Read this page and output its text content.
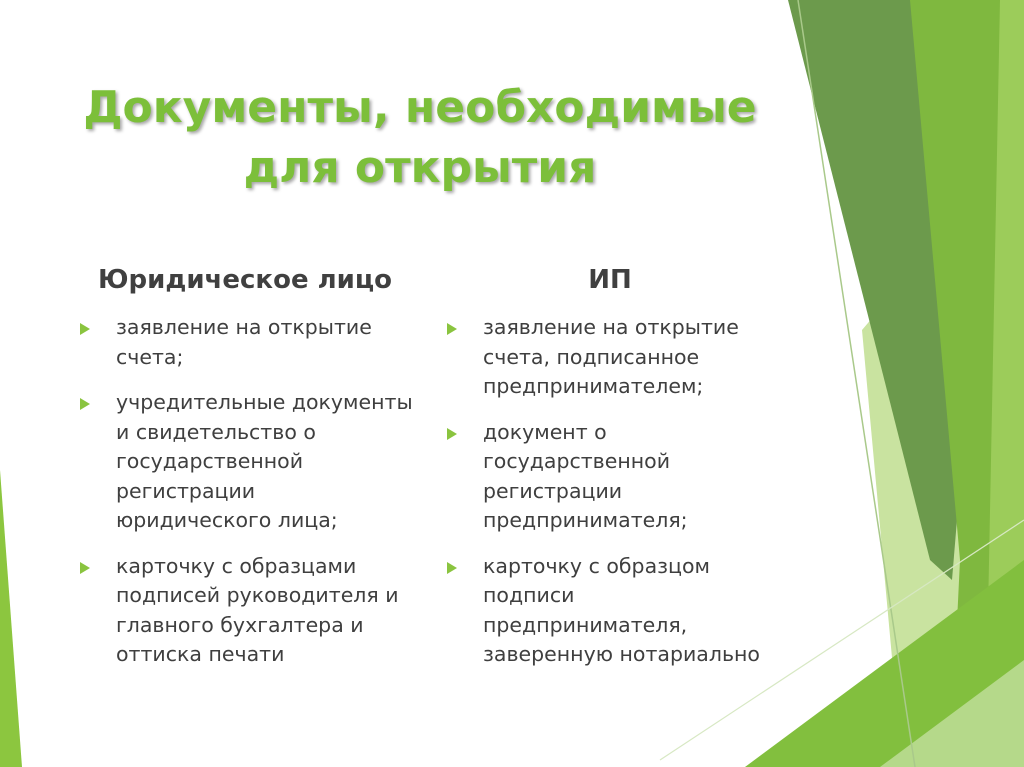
Документы, необходимые
для открытия
Юридическое лицо	ИП
заявление на открытие счета;
учредительные документы и свидетельство о государственной регистрации юридического лица;
карточку с образцами подписей руководителя и главного бухгалтера и оттиска печати
заявление на открытие счета, подписанное предпринимателем;
документ о государственной регистрации предпринимателя;
карточку с образцом подписи предпринимателя, заверенную нотариально
